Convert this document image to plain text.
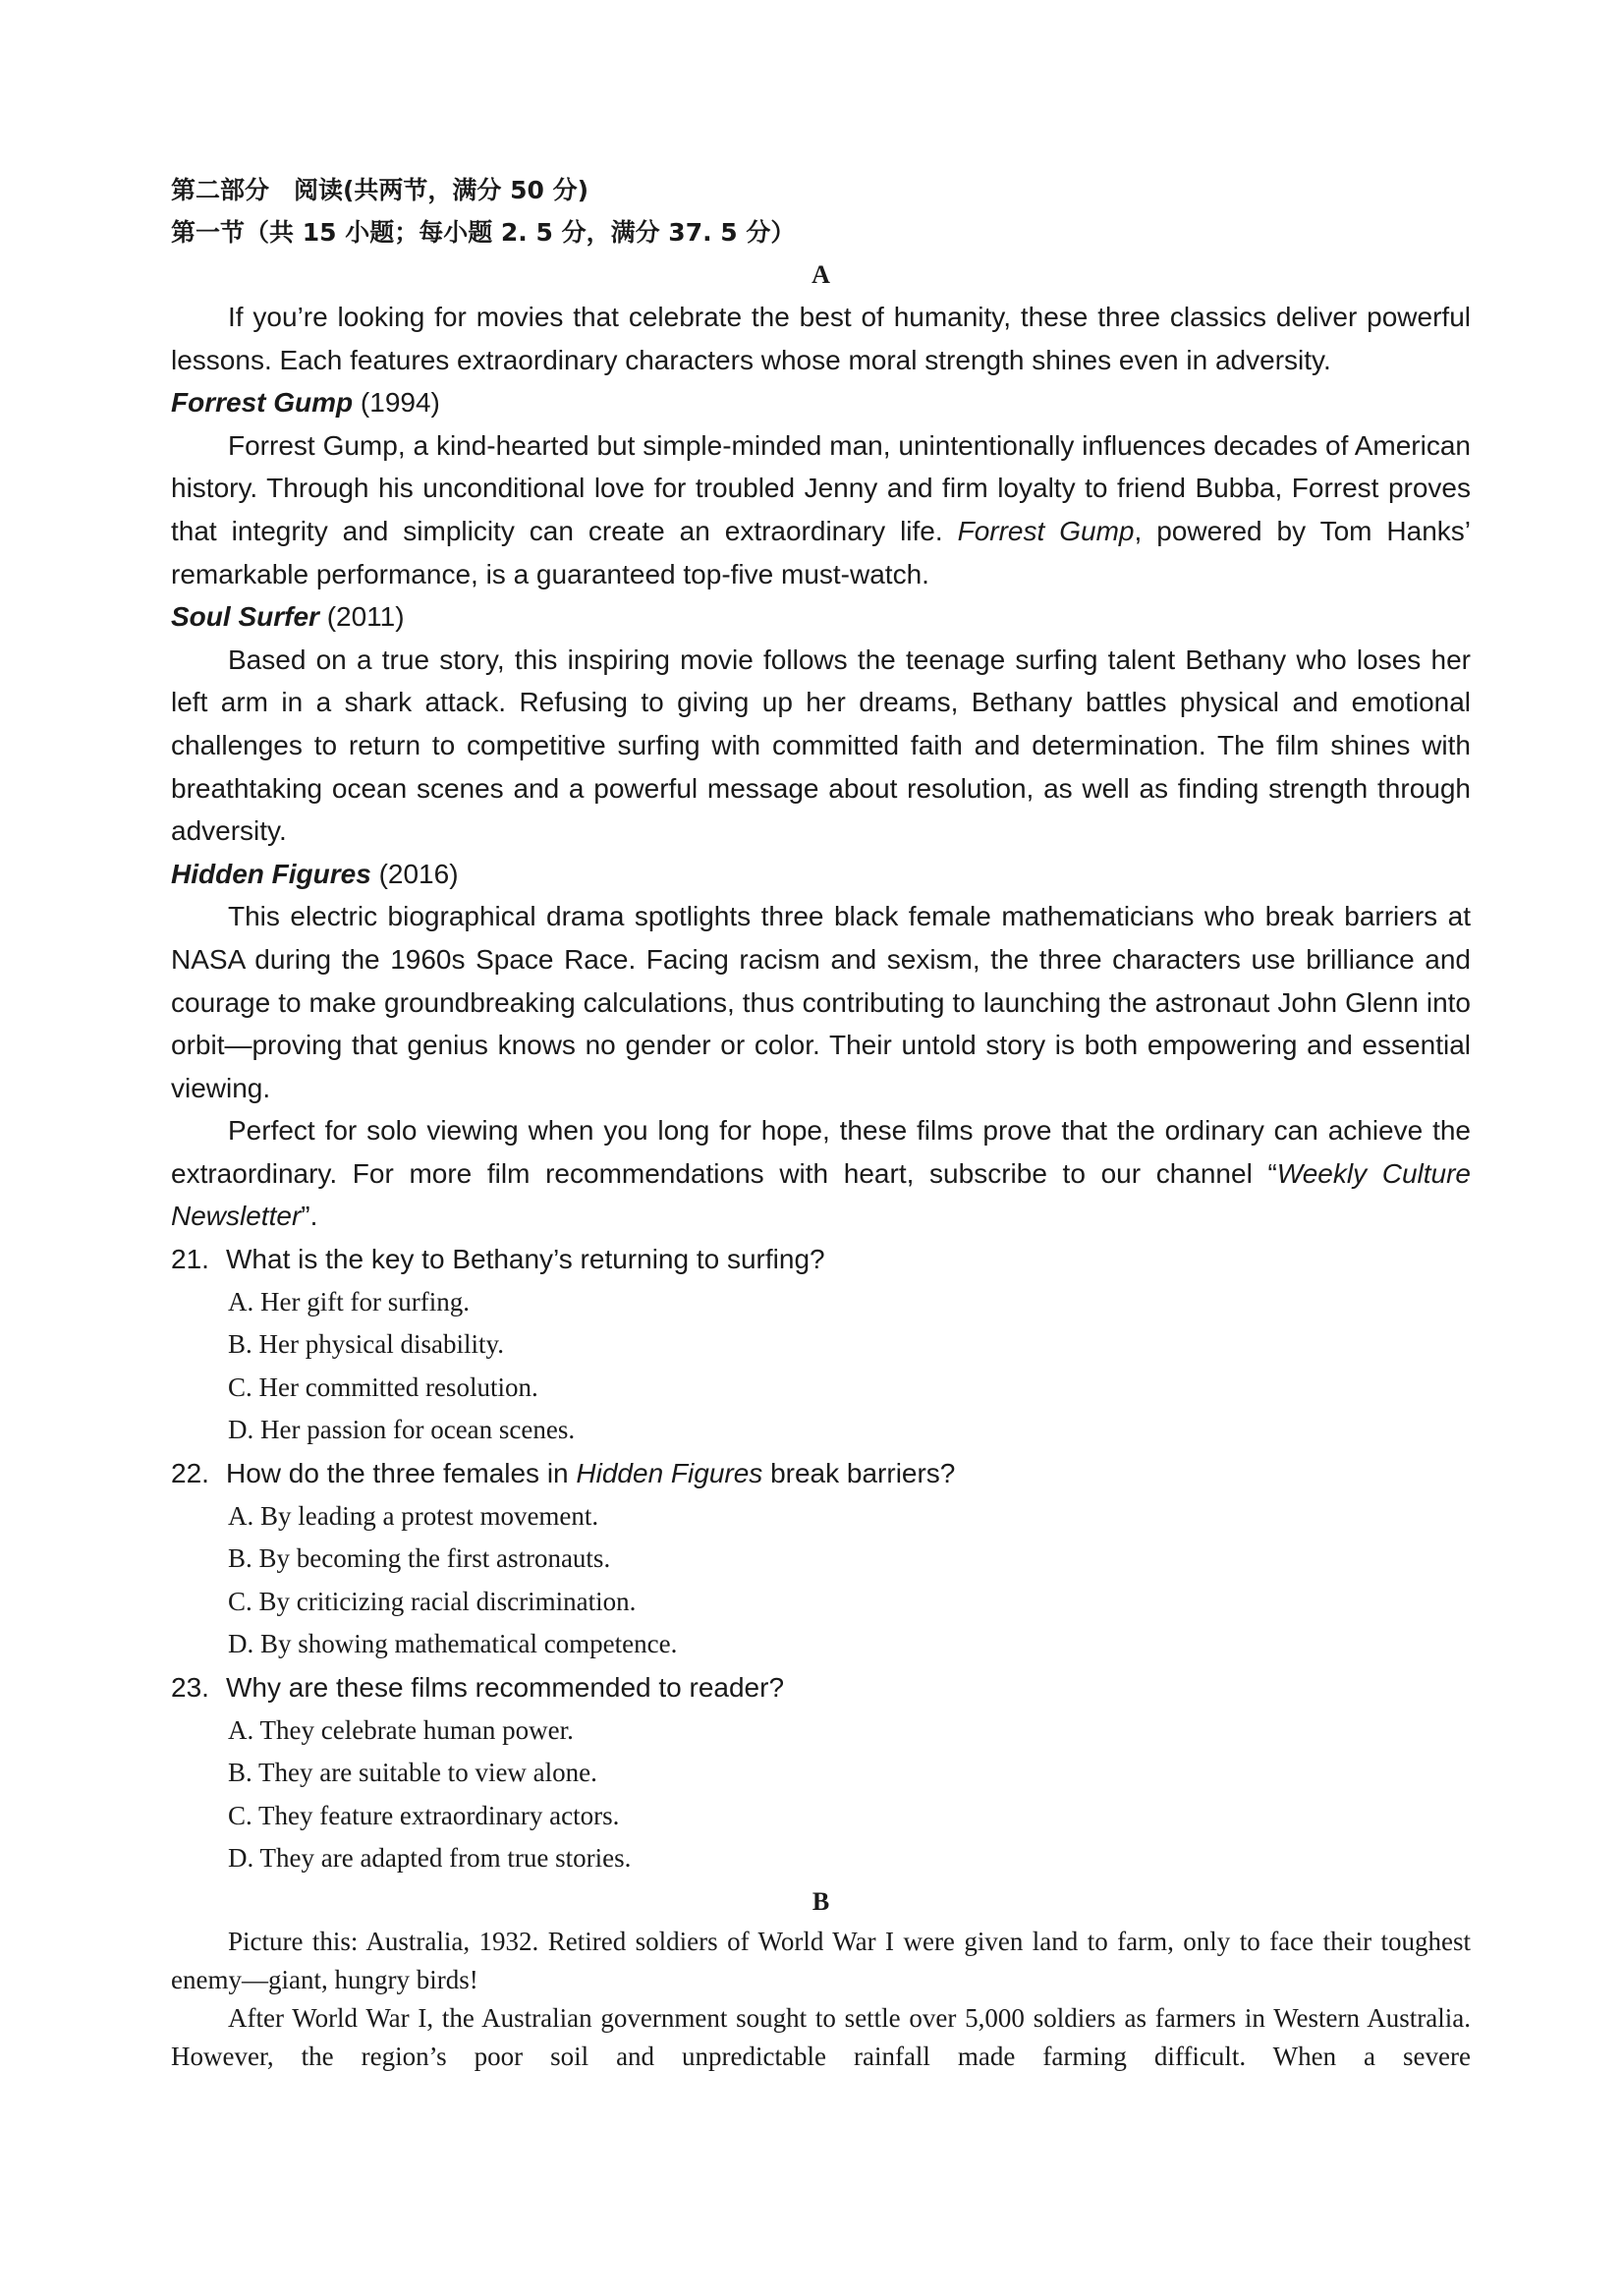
第二部分　阅读(共两节，满分 50 分)
第一节（共 15 小题；每小题 2. 5 分，满分 37. 5 分）
A

If you’re looking for movies that celebrate the best of humanity, these three classics deliver powerful lessons. Each features extraordinary characters whose moral strength shines even in adversity.

Forrest Gump (1994)

Forrest Gump, a kind-hearted but simple-minded man, unintentionally influences decades of American history. Through his unconditional love for troubled Jenny and firm loyalty to friend Bubba, Forrest proves that integrity and simplicity can create an extraordinary life. Forrest Gump, powered by Tom Hanks’ remarkable performance, is a guaranteed top-five must-watch.

Soul Surfer (2011)

Based on a true story, this inspiring movie follows the teenage surfing talent Bethany who loses her left arm in a shark attack. Refusing to giving up her dreams, Bethany battles physical and emotional challenges to return to competitive surfing with committed faith and determination. The film shines with breathtaking ocean scenes and a powerful message about resolution, as well as finding strength through adversity.

Hidden Figures (2016)

This electric biographical drama spotlights three black female mathematicians who break barriers at NASA during the 1960s Space Race. Facing racism and sexism, the three characters use brilliance and courage to make groundbreaking calculations, thus contributing to launching the astronaut John Glenn into orbit—proving that genius knows no gender or color. Their untold story is both empowering and essential viewing.

Perfect for solo viewing when you long for hope, these films prove that the ordinary can achieve the extraordinary. For more film recommendations with heart, subscribe to our channel “Weekly Culture Newsletter”.

21. What is the key to Bethany’s returning to surfing?
A. Her gift for surfing.
B. Her physical disability.
C. Her committed resolution.
D. Her passion for ocean scenes.
22. How do the three females in Hidden Figures break barriers?
A. By leading a protest movement.
B. By becoming the first astronauts.
C. By criticizing racial discrimination.
D. By showing mathematical competence.
23. Why are these films recommended to reader?
A. They celebrate human power.
B. They are suitable to view alone.
C. They feature extraordinary actors.
D. They are adapted from true stories.
B

Picture this: Australia, 1932. Retired soldiers of World War I were given land to farm, only to face their toughest enemy—giant, hungry birds!

After World War I, the Australian government sought to settle over 5,000 soldiers as farmers in Western Australia. However, the region’s poor soil and unpredictable rainfall made farming difficult. When a severe
